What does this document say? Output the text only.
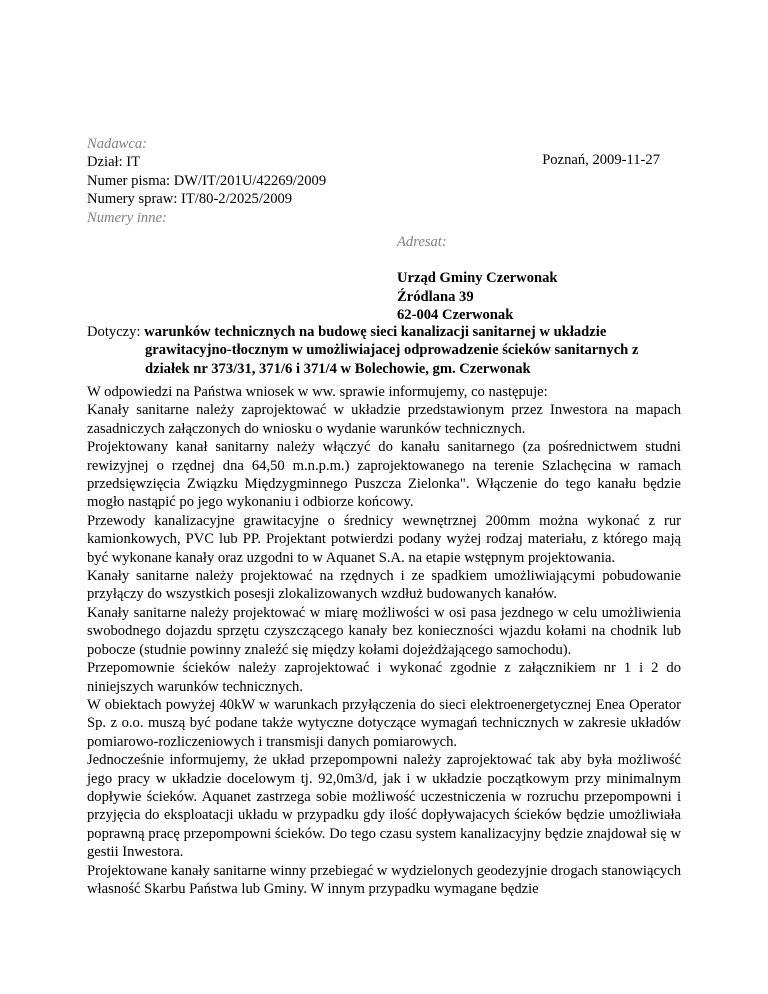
Nadawca:
Dział: IT
Numer pisma: DW/IT/201U/42269/2009
Numery spraw: IT/80-2/2025/2009
Numery inne:
Poznań, 2009-11-27
Adresat:
Urząd Gminy Czerwonak
Źródlana 39
62-004 Czerwonak
Dotyczy: warunków technicznych na budowę sieci kanalizacji sanitarnej w układzie
grawitacyjno-tłocznym w umożliwiajacej odprowadzenie ścieków sanitarnych z
działek nr 373/31, 371/6 i 371/4 w Bolechowie, gm. Czerwonak

W odpowiedzi na Państwa wniosek w ww. sprawie informujemy, co następuje:

Kanały sanitarne należy zaprojektować w układzie przedstawionym przez Inwestora na mapach zasadniczych załączonych do wniosku o wydanie warunków technicznych.

Projektowany kanał sanitarny należy włączyć do kanału sanitarnego (za pośrednictwem studni rewizyjnej o rzędnej dna 64,50 m.n.p.m.) zaprojektowanego na terenie Szlachęcina w ramach przedsięwzięcia Związku Międzygminnego Puszcza Zielonka". Włączenie do tego kanału będzie mogło nastąpić po jego wykonaniu i odbiorze końcowy.

Przewody kanalizacyjne grawitacyjne o średnicy wewnętrznej 200mm można wykonać z rur kamionkowych, PVC lub PP. Projektant potwierdzi podany wyżej rodzaj materiału, z którego mają być wykonane kanały oraz uzgodni to w Aquanet S.A. na etapie wstępnym projektowania.

Kanały sanitarne należy projektować na rzędnych i ze spadkiem umożliwiającymi pobudowanie przyłączy do wszystkich posesji zlokalizowanych wzdłuż budowanych kanałów.

Kanały sanitarne należy projektować w miarę możliwości w osi pasa jezdnego w celu umożliwienia swobodnego dojazdu sprzętu czyszczącego kanały bez konieczności wjazdu kołami na chodnik lub pobocze (studnie powinny znaleźć się między kołami dojeżdżającego samochodu).

Przepomownie ścieków należy zaprojektować i wykonać zgodnie z załącznikiem nr 1 i 2 do niniejszych warunków technicznych.

W obiektach powyżej 40kW w warunkach przyłączenia do sieci elektroenergetycznej Enea Operator Sp. z o.o. muszą być podane także wytyczne dotyczące wymagań technicznych w zakresie układów pomiarowo-rozliczeniowych i transmisji danych pomiarowych.

Jednocześnie informujemy, że układ przepompowni należy zaprojektować tak aby była możliwość jego pracy w układzie docelowym tj. 92,0m3/d, jak i w układzie początkowym przy minimalnym dopływie ścieków. Aquanet zastrzega sobie możliwość uczestniczenia w rozruchu przepompowni i przyjęcia do eksploatacji układu w przypadku gdy ilość dopływajacych ścieków będzie umożliwiała poprawną pracę przepompowni ścieków. Do tego czasu system kanalizacyjny będzie znajdował się w gestii Inwestora.

Projektowane kanały sanitarne winny przebiegać w wydzielonych geodezyjnie drogach stanowiących własność Skarbu Państwa lub Gminy. W innym przypadku wymagane będzie
